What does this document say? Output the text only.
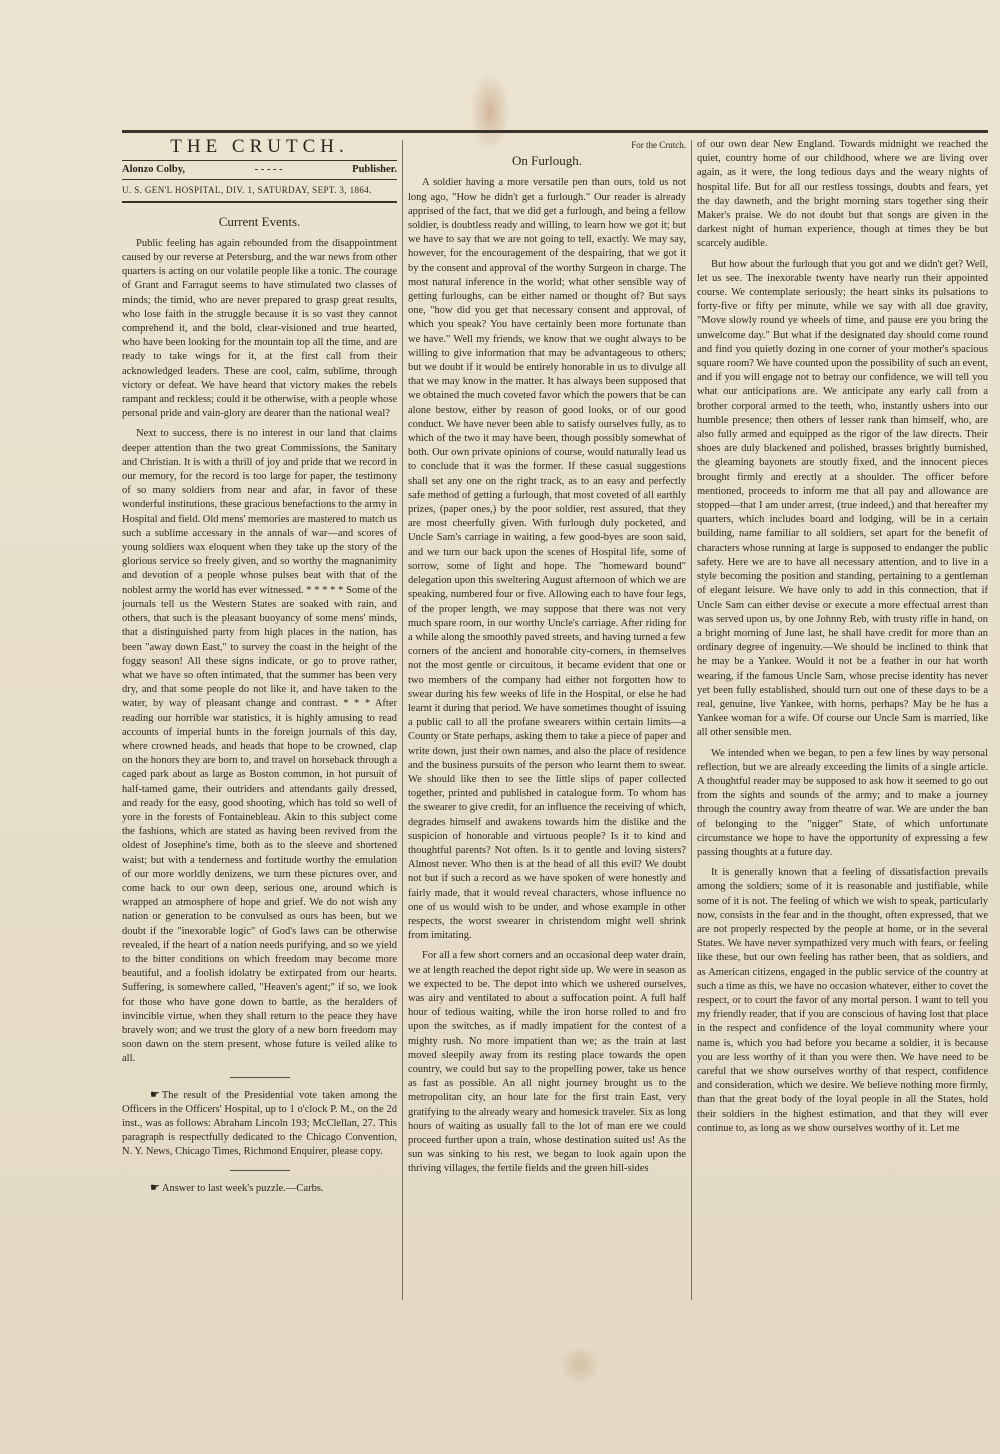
THE CRUTCH.
Alonzo Colby,	- - - - -	Publisher.
U. S. GEN'L HOSPITAL, DIV. 1, SATURDAY, SEPT. 3, 1864.
Current Events.

Public feeling has again rebounded from the disappointment caused by our reverse at Petersburg, and the war news from other quarters is acting on our volatile people like a tonic. The courage of Grant and Farragut seems to have stimulated two classes of minds; the timid, who are never prepared to grasp great results, who lose faith in the struggle because it is so vast they cannot comprehend it, and the bold, clear-visioned and true hearted, who have been looking for the mountain top all the time, and are ready to take wings for it, at the first call from their acknowledged leaders. These are cool, calm, sublime, through victory or defeat. We have heard that victory makes the rebels rampant and reckless; could it be otherwise, with a people whose personal pride and vain-glory are dearer than the national weal?

Next to success, there is no interest in our land that claims deeper attention than the two great Commissions, the Sanitary and Christian. It is with a thrill of joy and pride that we record in our memory, for the record is too large for paper, the testimony of so many soldiers from near and afar, in favor of these wonderful institutions, these gracious benefactions to the army in Hospital and field. Old mens' memories are mastered to match us such a sublime accessary in the annals of war—and scores of young soldiers wax eloquent when they take up the story of the glorious service so freely given, and so worthy the magnanimity and devotion of a people whose pulses beat with that of the noblest army the world has ever witnessed. * * * * * Some of the journals tell us the Western States are soaked with rain, and others, that such is the pleasant buoyancy of some mens' minds, that a distinguished party from high places in the nation, has been "away down East," to survey the coast in the height of the foggy season! All these signs indicate, or go to prove rather, what we have so often intimated, that the summer has been very dry, and that some people do not like it, and have taken to the water, by way of pleasant change and contrast. * * * After reading our horrible war statistics, it is highly amusing to read accounts of imperial hunts in the foreign journals of this day, where crowned heads, and heads that hope to be crowned, clap on the honors they are born to, and travel on horseback through a caged park about as large as Boston common, in hot pursuit of half-tamed game, their outriders and attendants gaily dressed, and ready for the easy, good shooting, which has told so well of yore in the forests of Fontainebleau. Akin to this subject come the fashions, which are stated as having been revived from the oldest of Josephine's time, both as to the sleeve and shortened waist; but with a tenderness and fortitude worthy the emulation of our more worldly denizens, we turn these pictures over, and come back to our own deep, serious one, around which is wrapped an atmosphere of hope and grief. We do not wish any nation or generation to be convulsed as ours has been, but we doubt if the "inexorable logic" of God's laws can be otherwise revealed, if the heart of a nation needs purifying, and so we yield to the bitter conditions on which freedom may become more beautiful, and a foolish idolatry be extirpated from our hearts. Suffering, is somewhere called, "Heaven's agent;" if so, we look for those who have gone down to battle, as the heralders of invincible virtue, when they shall return to the peace they have bravely won; and we trust the glory of a new born freedom may soon dawn on the stern present, whose future is veiled alike to all.

☛ The result of the Presidential vote taken among the Officers in the Officers' Hospital, up to 1 o'clock P. M., on the 2d inst., was as follows: Abraham Lincoln 193; McClellan, 27. This paragraph is respectfully dedicated to the Chicago Convention, N. Y. News, Chicago Times, Richmond Enquirer, please copy.

☛ Answer to last week's puzzle.—Carbs.

For the Crutch.
On Furlough.

A soldier having a more versatile pen than ours, told us not long ago, "How he didn't get a furlough." Our reader is already apprised of the fact, that we did get a furlough, and being a fellow soldier, is doubtless ready and willing, to learn how we got it; but we have to say that we are not going to tell, exactly. We may say, however, for the encouragement of the despairing, that we got it by the consent and approval of the worthy Surgeon in charge. The most natural inference in the world; what other sensible way of getting furloughs, can be either named or thought of? But says one, "how did you get that necessary consent and approval, of which you speak? You have certainly been more fortunate than we have." Well my friends, we know that we ought always to be willing to give information that may be advantageous to others; but we doubt if it would be entirely honorable in us to divulge all that we may know in the matter. It has always been supposed that we obtained the much coveted favor which the powers that be can alone bestow, either by reason of good looks, or of our good conduct. We have never been able to satisfy ourselves fully, as to which of the two it may have been, though possibly somewhat of both. Our own private opinions of course, would naturally lead us to conclude that it was the former. If these casual suggestions shall set any one on the right track, as to an easy and perfectly safe method of getting a furlough, that most coveted of all earthly prizes, (paper ones,) by the poor soldier, rest assured, that they are most cheerfully given. With furlough duly pocketed, and Uncle Sam's carriage in waiting, a few good-byes are soon said, and we turn our back upon the scenes of Hospital life, some of sorrow, some of light and hope. The "homeward bound" delegation upon this sweltering August afternoon of which we are speaking, numbered four or five. Allowing each to have four legs, of the proper length, we may suppose that there was not very much spare room, in our worthy Uncle's carriage. After riding for a while along the smoothly paved streets, and having turned a few corners of the ancient and honorable city-corners, in themselves not the most gentle or circuitous, it became evident that one or two members of the company had either not forgotten how to swear during his few weeks of life in the Hospital, or else he had learnt it during that period. We have sometimes thought of issuing a public call to all the profane swearers within certain limits—a County or State perhaps, asking them to take a piece of paper and write down, just their own names, and also the place of residence and the business pursuits of the person who learnt them to swear. We should like then to see the little slips of paper collected together, printed and published in catalogue form. To whom has the swearer to give credit, for an influence the receiving of which, degrades himself and awakens towards him the dislike and the suspicion of honorable and virtuous people? Is it to kind and thoughtful parents? Not often. Is it to gentle and loving sisters? Almost never. Who then is at the head of all this evil? We doubt not but if such a record as we have spoken of were honestly and fairly made, that it would reveal characters, whose influence no one of us would wish to be under, and whose example in other respects, the worst swearer in christendom might well shrink from imitating.

For all a few short corners and an occasional deep water drain, we at length reached the depot right side up. We were in season as we expected to be. The depot into which we ushered ourselves, was airy and ventilated to about a suffocation point. A full half hour of tedious waiting, while the iron horse rolled to and fro upon the switches, as if madly impatient for the contest of a mighty rush. No more impatient than we; as the train at last moved sleepily away from its resting place towards the open country, we could but say to the propelling power, take us hence as fast as possible. An all night journey brought us to the metropolitan city, an hour late for the first train East, very gratifying to the already weary and homesick traveler. Six as long hours of waiting as usually fall to the lot of man ere we could proceed further upon a train, whose destination suited us! As the sun was sinking to his rest, we began to look again upon the thriving villages, the fertile fields and the green hill-sides

of our own dear New England. Towards midnight we reached the quiet, country home of our childhood, where we are living over again, as it were, the long tedious days and the weary nights of hospital life. But for all our restless tossings, doubts and fears, yet the day dawneth, and the bright morning stars together sing their Maker's praise. We do not doubt but that songs are given in the darkest night of human experience, though at times they be but scarcely audible.

But how about the furlough that you got and we didn't get? Well, let us see. The inexorable twenty have nearly run their appointed course. We contemplate seriously; the heart sinks its pulsations to forty-five or fifty per minute, while we say with all due gravity, "Move slowly round ye wheels of time, and pause ere you bring the unwelcome day." But what if the designated day should come round and find you quietly dozing in one corner of your mother's spacious square room? We have counted upon the possibility of such an event, and if you will engage not to betray our confidence, we will tell you what our anticipations are. We anticipate any early call from a brother corporal armed to the teeth, who, instantly ushers into our humble presence; then others of lesser rank than himself, who, are also fully armed and equipped as the rigor of the law directs. Their shoes are duly blackened and polished, brasses brightly burnished, the gleaming bayonets are stoutly fixed, and the innocent pieces brought firmly and erectly at a shoulder. The officer before mentioned, proceeds to inform me that all pay and allowance are stopped—that I am under arrest, (true indeed,) and that hereafter my quarters, which includes board and lodging, will be in a certain building, name familiar to all soldiers, set apart for the benefit of characters whose running at large is supposed to endanger the public safety. Here we are to have all necessary attention, and to live in a style becoming the position and standing, pertaining to a gentleman of elegant leisure. We have only to add in this connection, that if Uncle Sam can either devise or execute a more effectual arrest than was served upon us, by one Johnny Reb, with trusty rifle in hand, on a bright morning of June last, he shall have credit for more than an ordinary degree of ingenuity.—We should be inclined to think that he may be a Yankee. Would it not be a feather in our hat worth wearing, if the famous Uncle Sam, whose precise identity has never yet been fully established, should turn out one of these days to be a real, genuine, live Yankee, with horns, perhaps? May be he has a Yankee woman for a wife. Of course our Uncle Sam is married, like all other sensible men.

We intended when we began, to pen a few lines by way personal reflection, but we are already exceeding the limits of a single article. A thoughtful reader may be supposed to ask how it seemed to go out from the sights and sounds of the army; and to make a journey through the country away from theatre of war. We are under the ban of belonging to the "nigger" State, of which unfortunate circumstance we hope to have the opportunity of expressing a few passing thoughts at a future day.

It is generally known that a feeling of dissatisfaction prevails among the soldiers; some of it is reasonable and justifiable, while some of it is not. The feeling of which we wish to speak, particularly now, consists in the fear and in the thought, often expressed, that we are not properly respected by the people at home, or in the several States. We have never sympathized very much with fears, or feeling like these, but our own feeling has rather been, that as soldiers, and as American citizens, engaged in the public service of the country at such a time as this, we have no occasion whatever, either to covet the respect, or to court the favor of any mortal person. I want to tell you my friendly reader, that if you are conscious of having lost that place in the respect and confidence of the loyal community where your name is, which you had before you became a soldier, it is because you are less worthy of it than you were then. We have need to be careful that we show ourselves worthy of that respect, confidence and consideration, which we desire. We believe nothing more firmly, than that the great body of the loyal people in all the States, hold their soldiers in the highest estimation, and that they will ever continue to, as long as we show ourselves worthy of it. Let me
